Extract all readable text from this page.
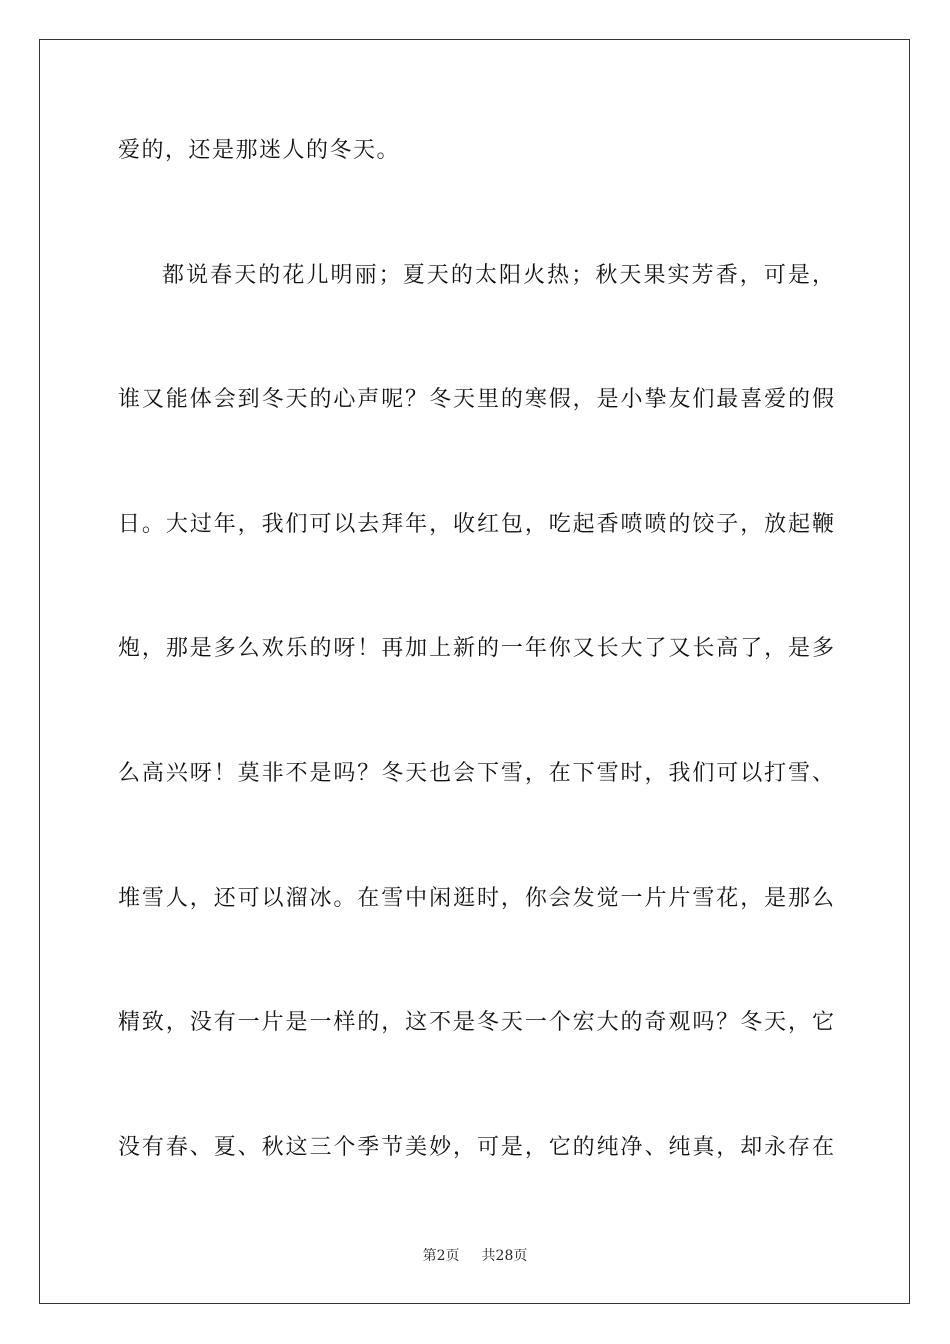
爱的，还是那迷人的冬天。
都说春天的花儿明丽；夏天的太阳火热；秋天果实芳香，可是，
谁又能体会到冬天的心声呢？冬天里的寒假，是小挚友们最喜爱的假
日。大过年，我们可以去拜年，收红包，吃起香喷喷的饺子，放起鞭
炮，那是多么欢乐的呀！再加上新的一年你又长大了又长高了，是多
么高兴呀！莫非不是吗？冬天也会下雪，在下雪时，我们可以打雪、
堆雪人，还可以溜冰。在雪中闲逛时，你会发觉一片片雪花，是那么
精致，没有一片是一样的，这不是冬天一个宏大的奇观吗？冬天，它
没有春、夏、秋这三个季节美妙，可是，它的纯净、纯真，却永存在
第2页 共28页
